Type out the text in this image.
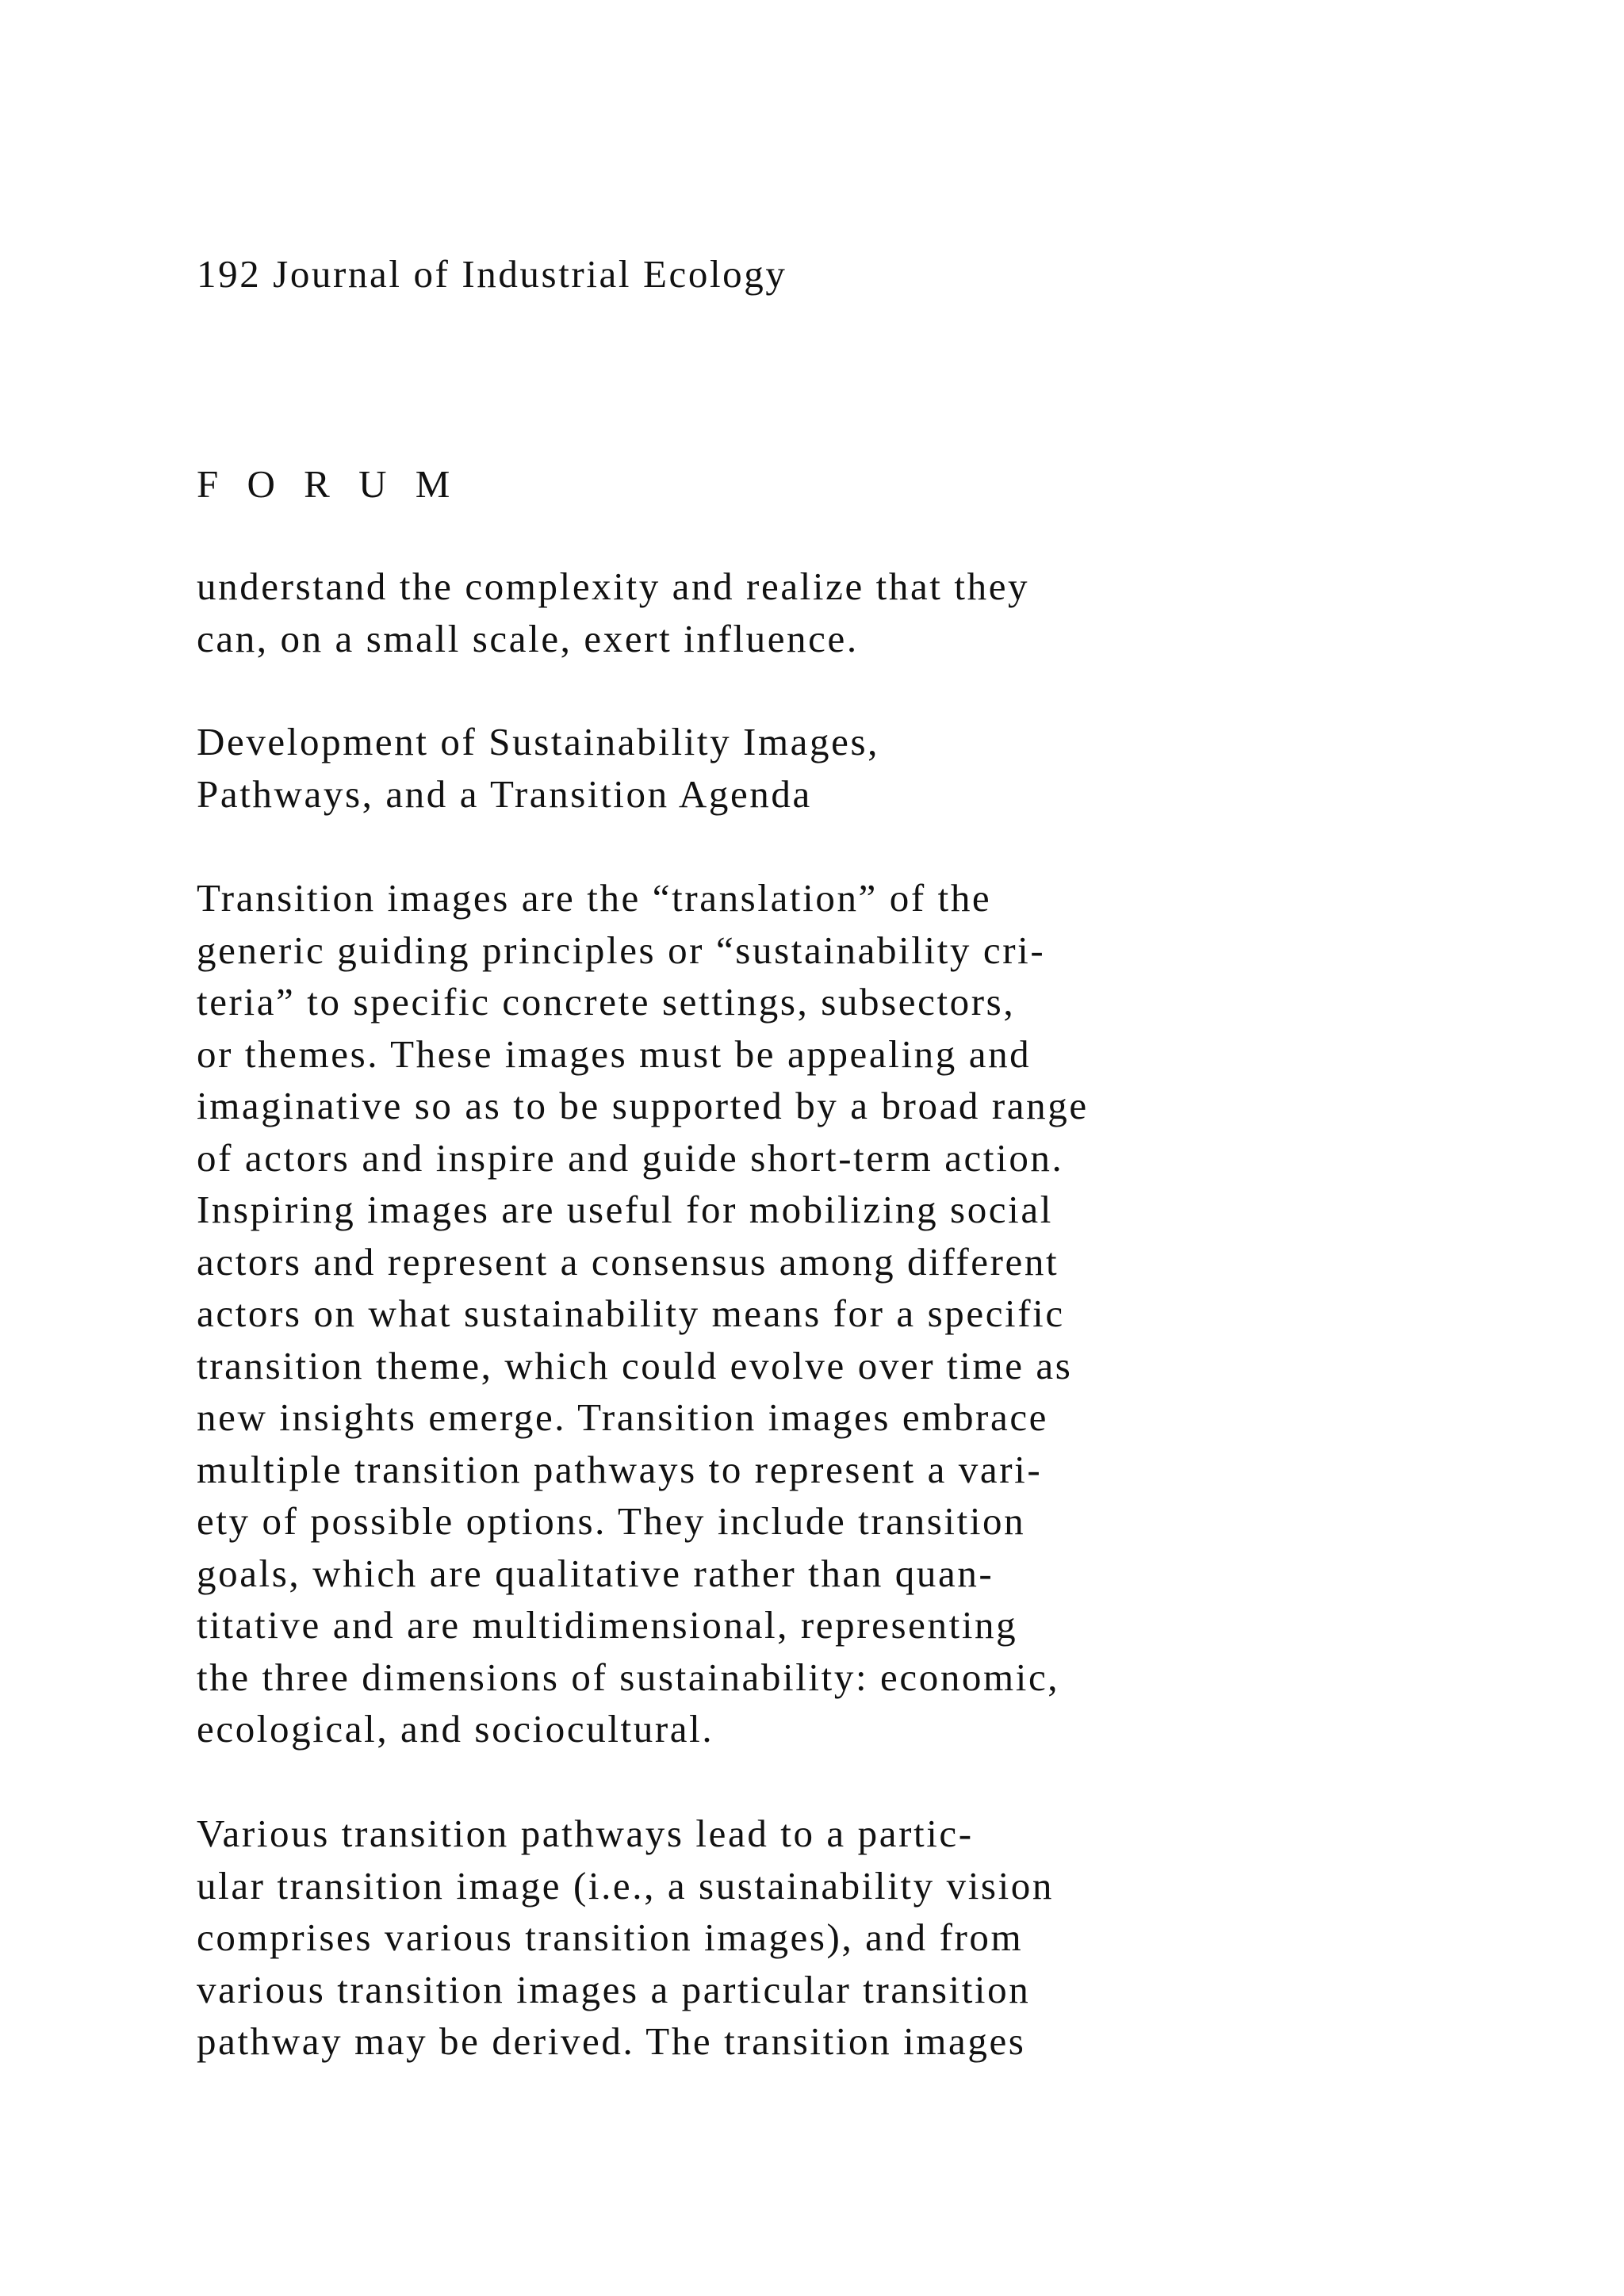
192 Journal of Industrial Ecology
F O R U M
understand the complexity and realize that they
can, on a small scale, exert influence.
Development of Sustainability Images,
Pathways, and a Transition Agenda
Transition images are the “translation” of the
generic guiding principles or “sustainability cri-
teria” to specific concrete settings, subsectors,
or themes. These images must be appealing and
imaginative so as to be supported by a broad range
of actors and inspire and guide short-term action.
Inspiring images are useful for mobilizing social
actors and represent a consensus among different
actors on what sustainability means for a specific
transition theme, which could evolve over time as
new insights emerge. Transition images embrace
multiple transition pathways to represent a vari-
ety of possible options. They include transition
goals, which are qualitative rather than quan-
titative and are multidimensional, representing
the three dimensions of sustainability: economic,
ecological, and sociocultural.
Various transition pathways lead to a partic-
ular transition image (i.e., a sustainability vision
comprises various transition images), and from
various transition images a particular transition
pathway may be derived. The transition images
